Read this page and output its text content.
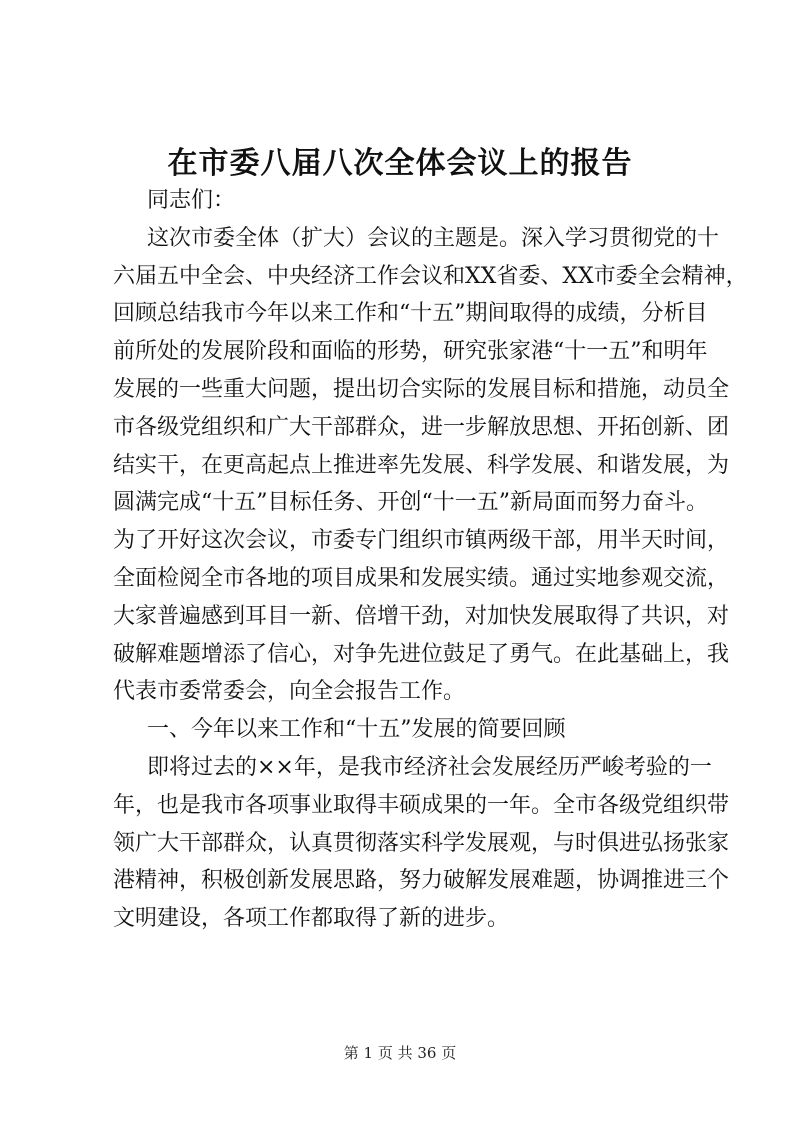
在市委八届八次全体会议上的报告
同志们：
这次市委全体（扩大）会议的主题是。深入学习贯彻党的十
六届五中全会、中央经济工作会议和XX省委、XX市委全会精神，
回顾总结我市今年以来工作和“十五”期间取得的成绩，分析目
前所处的发展阶段和面临的形势，研究张家港“十一五”和明年
发展的一些重大问题，提出切合实际的发展目标和措施，动员全
市各级党组织和广大干部群众，进一步解放思想、开拓创新、团
结实干，在更高起点上推进率先发展、科学发展、和谐发展，为
圆满完成“十五”目标任务、开创“十一五”新局面而努力奋斗。
为了开好这次会议，市委专门组织市镇两级干部，用半天时间，
全面检阅全市各地的项目成果和发展实绩。通过实地参观交流，
大家普遍感到耳目一新、倍增干劲，对加快发展取得了共识，对
破解难题增添了信心，对争先进位鼓足了勇气。在此基础上，我
代表市委常委会，向全会报告工作。
一、今年以来工作和“十五”发展的简要回顾
即将过去的××年，是我市经济社会发展经历严峻考验的一
年，也是我市各项事业取得丰硕成果的一年。全市各级党组织带
领广大干部群众，认真贯彻落实科学发展观，与时俱进弘扬张家
港精神，积极创新发展思路，努力破解发展难题，协调推进三个
文明建设，各项工作都取得了新的进步。
第 1 页 共 36 页
